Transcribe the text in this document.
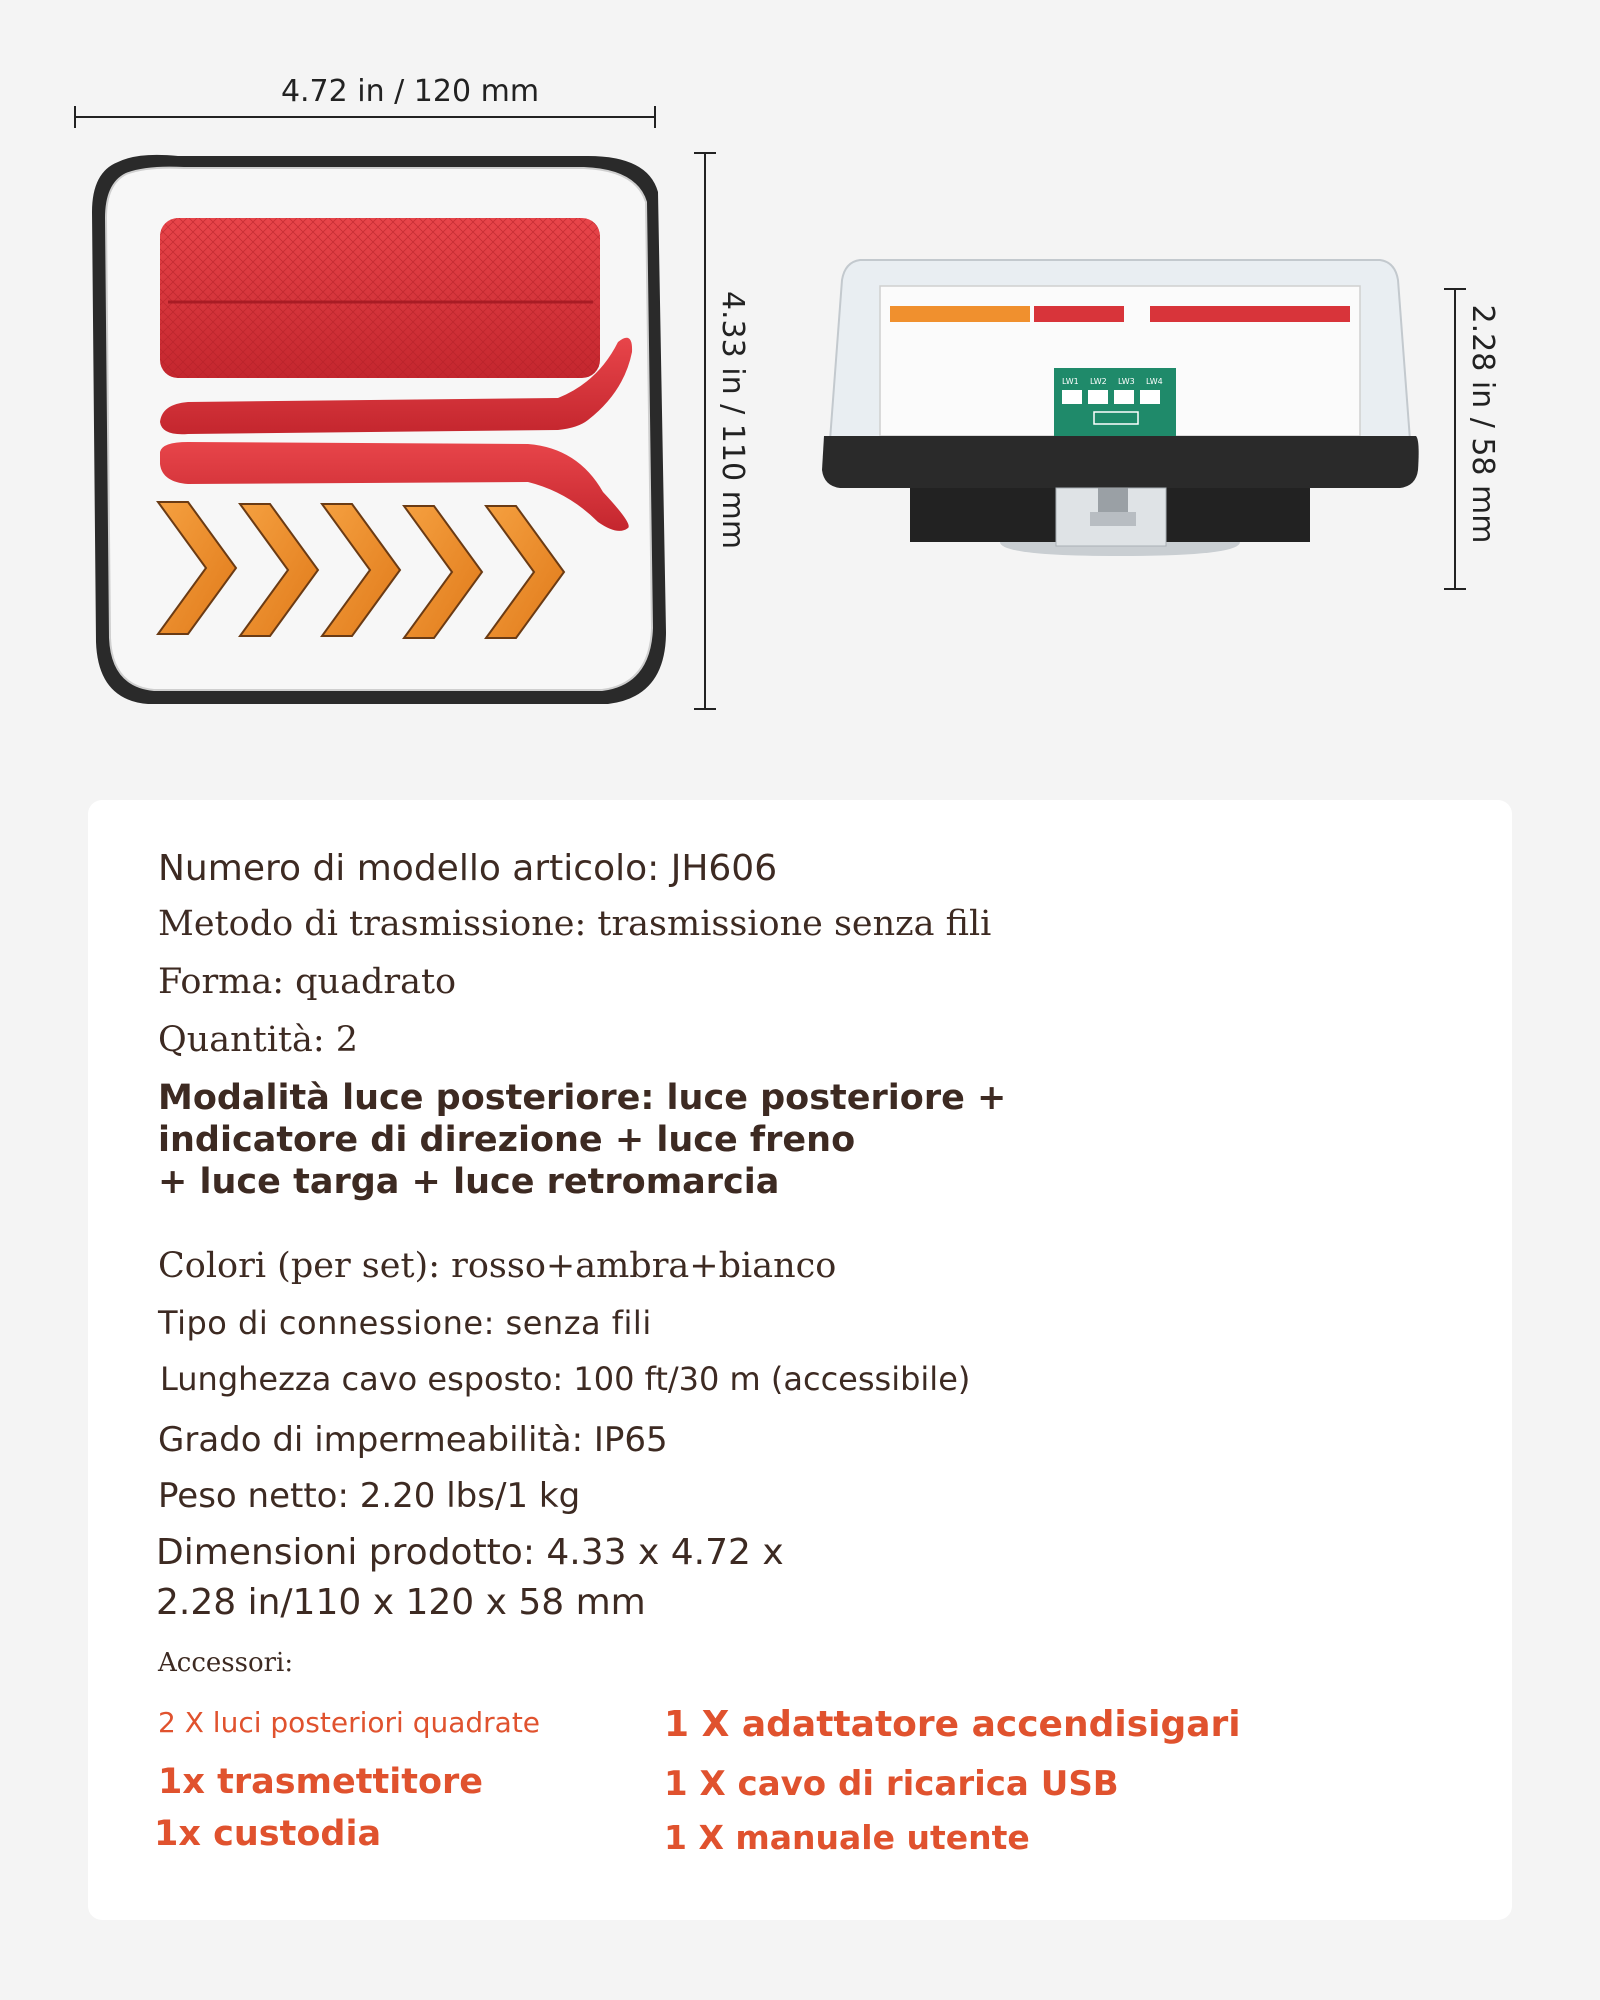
4.72 in / 120 mm
4.33 in / 110 mm	2.28 in / 58 mm
LW1 LW2 LW3 LW4
Numero di modello articolo: JH606
Metodo di trasmissione: trasmissione senza fili
Forma: quadrato
Quantità: 2
Modalità luce posteriore: luce posteriore +
indicatore di direzione + luce freno
+ luce targa + luce retromarcia
Colori (per set): rosso+ambra+bianco
Tipo di connessione: senza fili
Lunghezza cavo esposto: 100 ft/30 m (accessibile)
Grado di impermeabilità: IP65
Peso netto: 2.20 lbs/1 kg
Dimensioni prodotto: 4.33 x 4.72 x
2.28 in/110 x 120 x 58 mm
Accessori:
2 X luci posteriori quadrate
1x trasmettitore
1x custodia
1 X adattatore accendisigari
1 X cavo di ricarica USB
1 X manuale utente
